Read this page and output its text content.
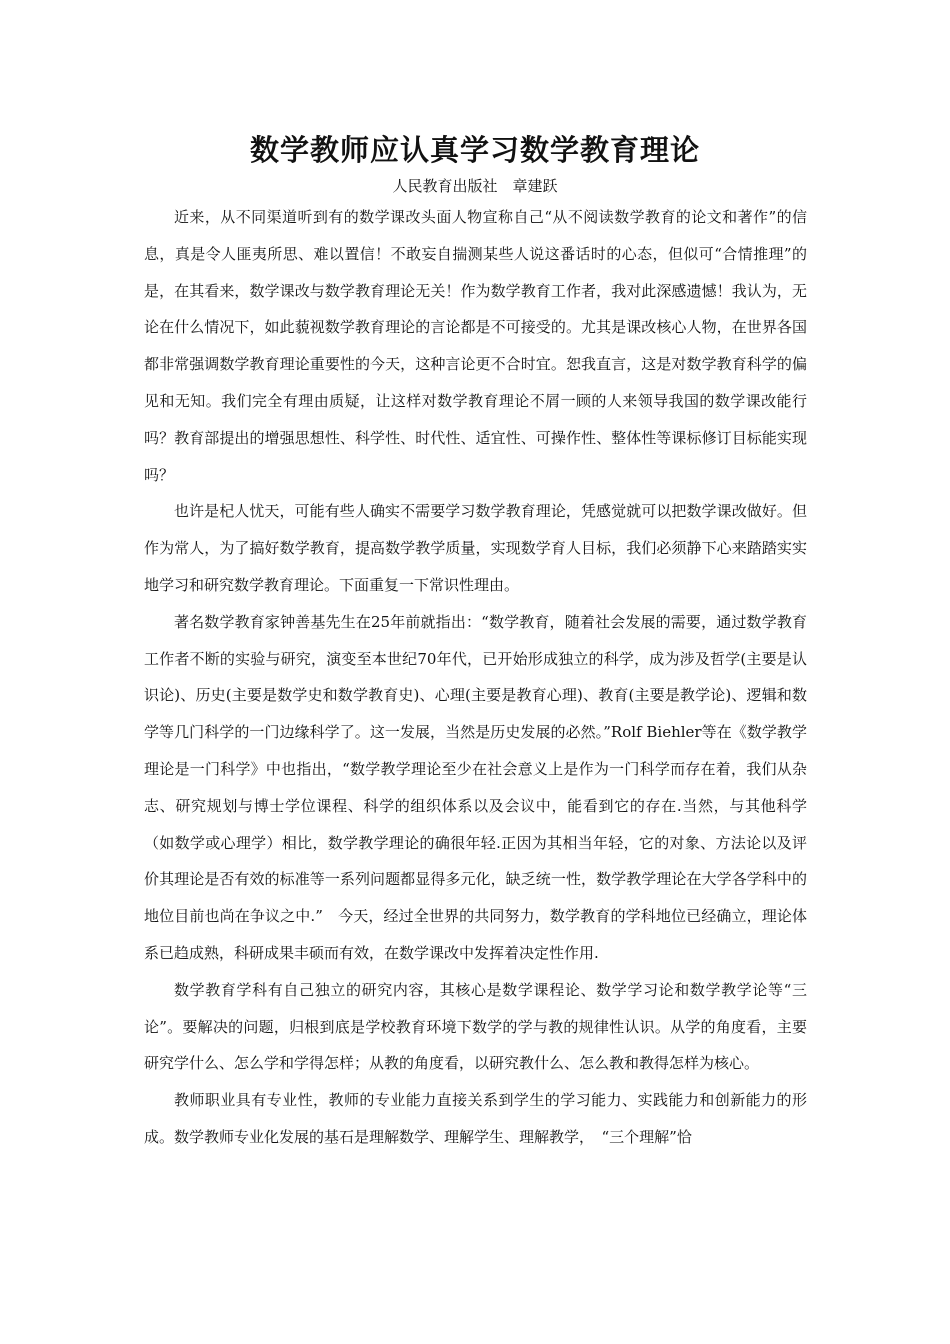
数学教师应认真学习数学教育理论

人民教育出版社　章建跃

近来，从不同渠道听到有的数学课改头面人物宣称自己“从不阅读数学教育的论文和著作”的信息，真是令人匪夷所思、难以置信！不敢妄自揣测某些人说这番话时的心态，但似可“合情推理”的是，在其看来，数学课改与数学教育理论无关！作为数学教育工作者，我对此深感遗憾！我认为，无论在什么情况下，如此藐视数学教育理论的言论都是不可接受的。尤其是课改核心人物，在世界各国都非常强调数学教育理论重要性的今天，这种言论更不合时宜。恕我直言，这是对数学教育科学的偏见和无知。我们完全有理由质疑，让这样对数学教育理论不屑一顾的人来领导我国的数学课改能行吗？教育部提出的增强思想性、科学性、时代性、适宜性、可操作性、整体性等课标修订目标能实现吗？

也许是杞人忧天，可能有些人确实不需要学习数学教育理论，凭感觉就可以把数学课改做好。但作为常人，为了搞好数学教育，提高数学教学质量，实现数学育人目标，我们必须静下心来踏踏实实地学习和研究数学教育理论。下面重复一下常识性理由。

著名数学教育家钟善基先生在25年前就指出：“数学教育，随着社会发展的需要，通过数学教育工作者不断的实验与研究，演变至本世纪70年代，已开始形成独立的科学，成为涉及哲学(主要是认识论)、历史(主要是数学史和数学教育史)、心理(主要是教育心理)、教育(主要是教学论)、逻辑和数学等几门科学的一门边缘科学了。这一发展，当然是历史发展的必然。”Rolf Biehler等在《数学教学理论是一门科学》中也指出，“数学教学理论至少在社会意义上是作为一门科学而存在着，我们从杂志、研究规划与博士学位课程、科学的组织体系以及会议中，能看到它的存在.当然，与其他科学（如数学或心理学）相比，数学教学理论的确很年轻.正因为其相当年轻，它的对象、方法论以及评价其理论是否有效的标准等一系列问题都显得多元化，缺乏统一性，数学教学理论在大学各学科中的地位目前也尚在争议之中.”　今天，经过全世界的共同努力，数学教育的学科地位已经确立，理论体系已趋成熟，科研成果丰硕而有效，在数学课改中发挥着决定性作用.

数学教育学科有自己独立的研究内容，其核心是数学课程论、数学学习论和数学教学论等“三论”。要解决的问题，归根到底是学校教育环境下数学的学与教的规律性认识。从学的角度看，主要研究学什么、怎么学和学得怎样；从教的角度看，以研究教什么、怎么教和教得怎样为核心。

教师职业具有专业性，教师的专业能力直接关系到学生的学习能力、实践能力和创新能力的形成。数学教师专业化发展的基石是理解数学、理解学生、理解教学，　“三个理解”恰
